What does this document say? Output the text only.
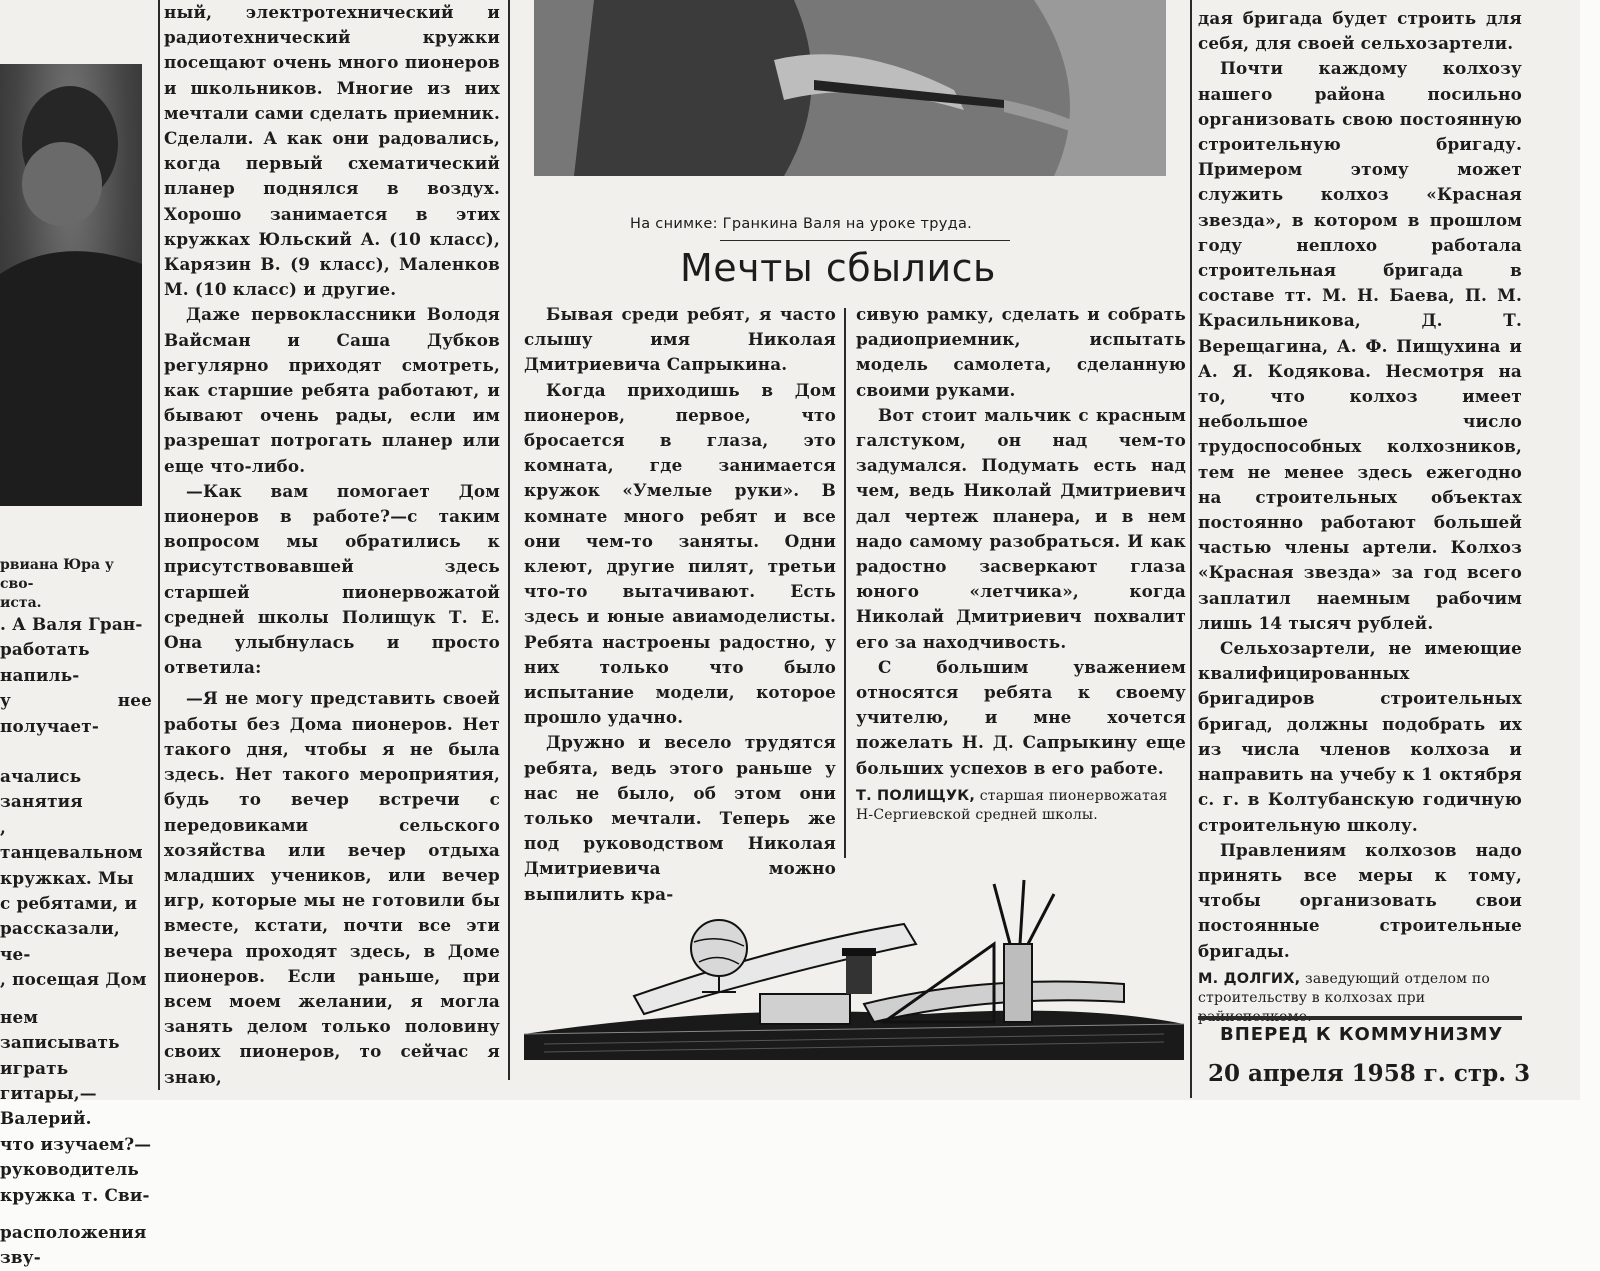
рвиана Юра у сво-
иста.
. А Валя Гран-
работать напиль-
у нее получает-
ачались занятия
, танцевальном
кружках. Мы
с ребятами, и
рассказали, че-
, посещая Дом
нем записывать
играть гитары,—
Валерий.
что изучаем?—
руководитель
кружка т. Сви-
расположения зву-

ный, электротехнический и радиотехнический кружки посещают очень много пионеров и школьников. Многие из них мечтали сами сделать приемник. Сделали. А как они радовались, когда первый схематический планер поднялся в воздух. Хорошо занимается в этих кружках Юльский А. (10 класс), Карязин В. (9 класс), Маленков М. (10 класс) и другие.

Даже первоклассники Володя Вайсман и Саша Дубков регулярно приходят смотреть, как старшие ребята работают, и бывают очень рады, если им разрешат потрогать планер или еще что-либо.

—Как вам помогает Дом пионеров в работе?—с таким вопросом мы обратились к присутствовавшей здесь старшей пионервожатой средней школы Полищук Т. Е. Она улыбнулась и просто ответила:

—Я не могу представить своей работы без Дома пионеров. Нет такого дня, чтобы я не была здесь. Нет такого мероприятия, будь то вечер встречи с передовиками сельского хозяйства или вечер отдыха младших учеников, или вечер игр, которые мы не готовили бы вместе, кстати, почти все эти вечера проходят здесь, в Доме пионеров. Если раньше, при всем моем желании, я могла занять делом только половину своих пионеров, то сейчас я знаю,

На снимке: Гранкина Валя на уроке труда.
Мечты сбылись

Бывая среди ребят, я часто слышу имя Николая Дмитриевича Сапрыкина.

Когда приходишь в Дом пионеров, первое, что бросается в глаза, это комната, где занимается кружок «Умелые руки». В комнате много ребят и все они чем-то заняты. Одни клеют, другие пилят, третьи что-то вытачивают. Есть здесь и юные авиамоделисты. Ребята настроены радостно, у них только что было испытание модели, которое прошло удачно.

Дружно и весело трудятся ребята, ведь этого раньше у нас не было, об этом они только мечтали. Теперь же под руководством Николая Дмитриевича можно выпилить кра-

сивую рамку, сделать и собрать радиоприемник, испытать модель самолета, сделанную своими руками.

Вот стоит мальчик с красным галстуком, он над чем-то задумался. Подумать есть над чем, ведь Николай Дмитриевич дал чертеж планера, и в нем надо самому разобраться. И как радостно засверкают глаза юного «летчика», когда Николай Дмитриевич похвалит его за находчивость.

С большим уважением относятся ребята к своему учителю, и мне хочется пожелать Н. Д. Сапрыкину еще больших успехов в его работе.

Т. ПОЛИЩУК, старшая пионервожатая Н-Сергиевской средней школы.

дая бригада будет строить для себя, для своей сельхозартели.

Почти каждому колхозу нашего района посильно организовать свою постоянную строительную бригаду. Примером этому может служить колхоз «Красная звезда», в котором в прошлом году неплохо работала строительная бригада в составе тт. М. Н. Баева, П. М. Красильникова, Д. Т. Верещагина, А. Ф. Пищухина и А. Я. Кодякова. Несмотря на то, что колхоз имеет небольшое число трудоспособных колхозников, тем не менее здесь ежегодно на строительных объектах постоянно работают большей частью члены артели. Колхоз «Красная звезда» за год всего заплатил наемным рабочим лишь 14 тысяч рублей.

Сельхозартели, не имеющие квалифицированных бригадиров строительных бригад, должны подобрать их из числа членов колхоза и направить на учебу к 1 октября с. г. в Колтубанскую годичную строительную школу.

Правлениям колхозов надо принять все меры к тому, чтобы организовать свои постоянные строительные бригады.

М. ДОЛГИХ, заведующий отделом по строительству в колхозах при

ВПЕРЕД К КОММУНИЗМУ
20 апреля 1958 г. стр. 3
